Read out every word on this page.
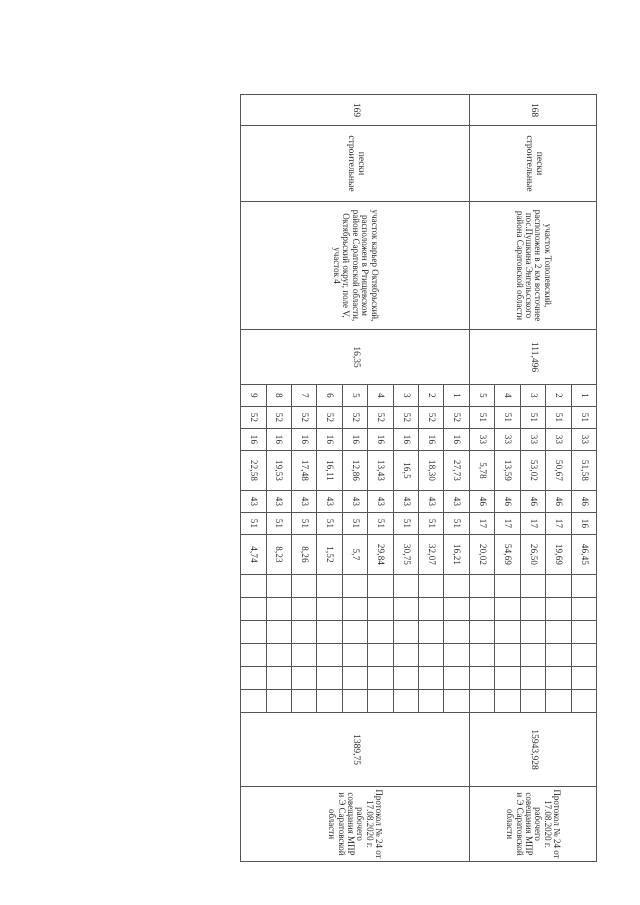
168	пески строительные	участок Тополевский, расположен в 2 км восточнее пос.Пушкина Энгельсского района Саратовской области	111,496	1	51	33	51,58	46	16	46,45							15943,928	Протокол № 24 от 17.08.2020 г. рабочего совещания МПР и Э Саратовской области
				2	51	33	50,67	46	17	19,69								
				3	51	33	53,02	46	17	26,50								
				4	51	33	13,59	46	17	54,69								
				5	51	33	5,78	46	17	20,02								
169	пески строительные	участок карьер Октябрьский, расположен в Ртищевском районе Саратовской области, Октябрьский округ, поле V, участок 4	16,35	1	52	16	27,73	43	51	16,21							1389,75	Протокол № 24 от 17.08.2020 г. рабочего совещания МПР и Э Саратовской области
				2	52	16	18,30	43	51	32,07								
				3	52	16	16,5	43	51	30,75								
				4	52	16	13,43	43	51	29,84								
				5	52	16	12,86	43	51	5,7								
				6	52	16	16,11	43	51	1,52								
				7	52	16	17,48	43	51	8,26								
				8	52	16	19,53	43	51	8,23								
				9	52	16	22,58	43	51	4,74								
